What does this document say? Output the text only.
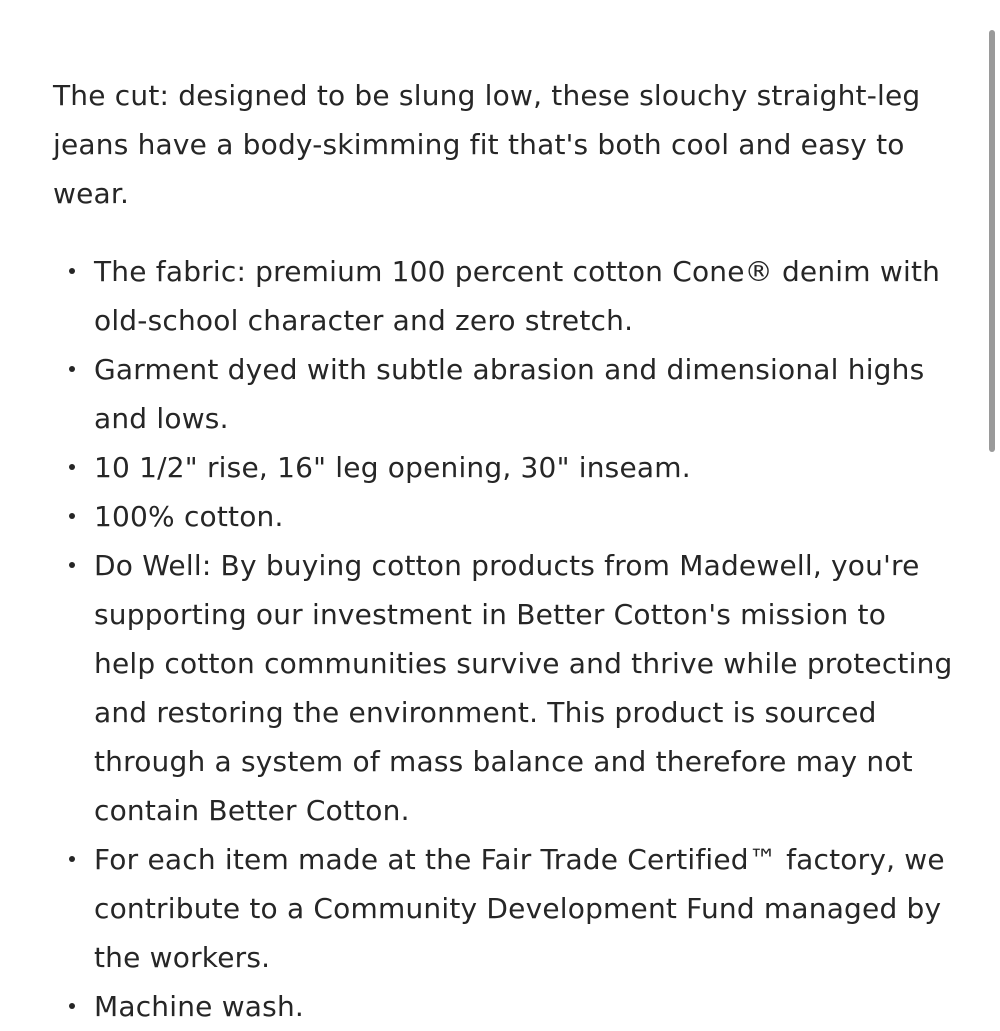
The cut: designed to be slung low, these slouchy straight-leg jeans have a body-skimming fit that's both cool and easy to wear.

The fabric: premium 100 percent cotton Cone® denim with old-school character and zero stretch.
Garment dyed with subtle abrasion and dimensional highs and lows.
10 1/2" rise, 16" leg opening, 30" inseam.
100% cotton.
Do Well: By buying cotton products from Madewell, you're supporting our investment in Better Cotton's mission to help cotton communities survive and thrive while protecting and restoring the environment. This product is sourced through a system of mass balance and therefore may not contain Better Cotton.
For each item made at the Fair Trade Certified™ factory, we contribute to a Community Development Fund managed by the workers.
Machine wash.
